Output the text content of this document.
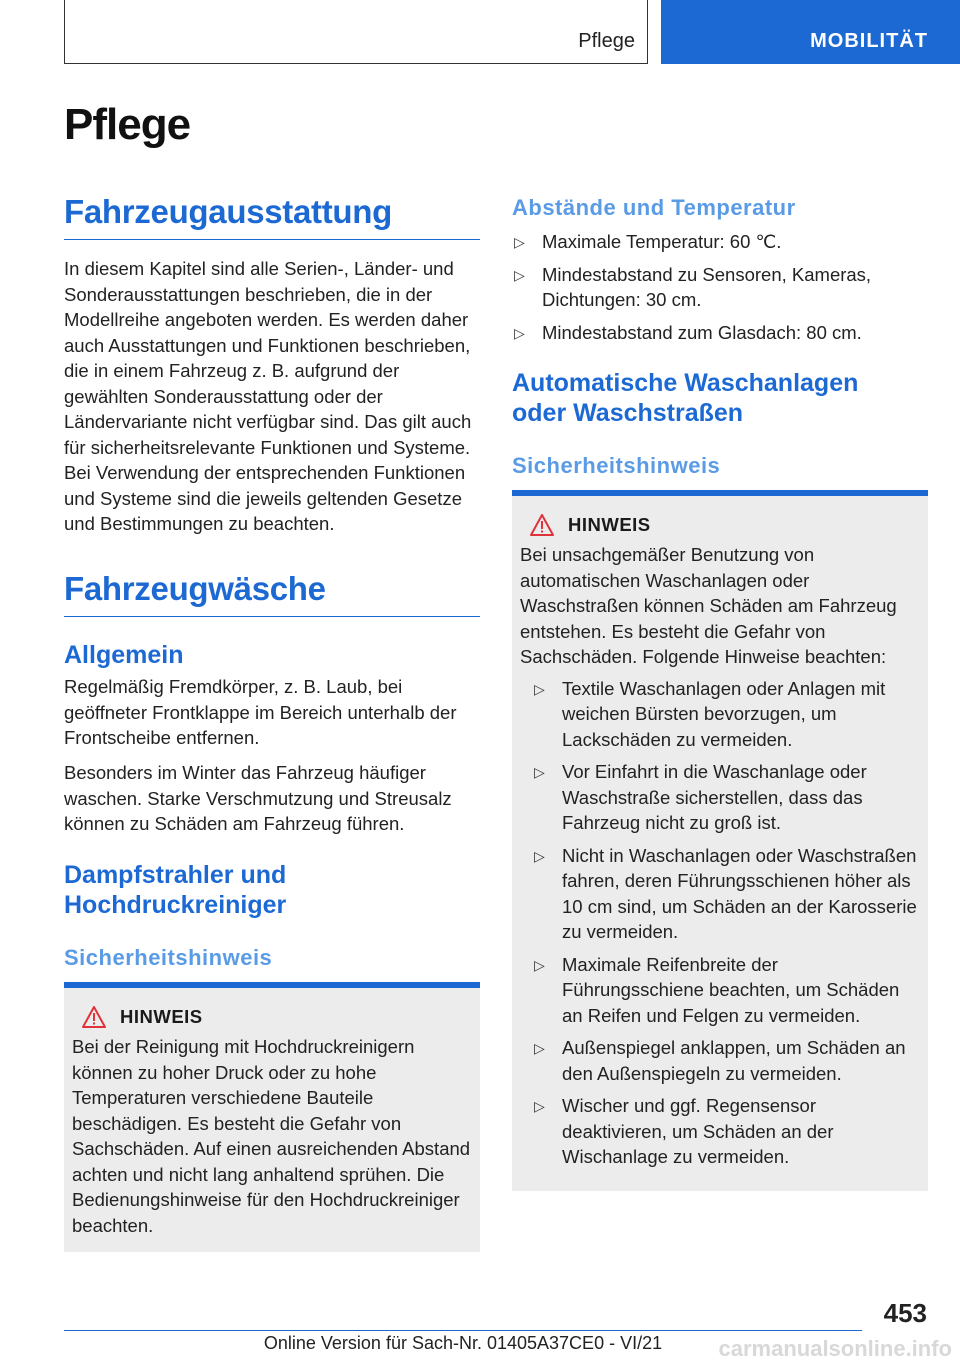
Pflege	MOBILITÄT
Pflege
Fahrzeugausstattung

In diesem Kapitel sind alle Serien-, Länder- und Sonderausstattungen beschrieben, die in der Modellreihe angeboten werden. Es werden daher auch Ausstattungen und Funktionen beschrieben, die in einem Fahrzeug z. B. aufgrund der gewählten Sonderausstattung oder der Ländervariante nicht verfügbar sind. Das gilt auch für sicherheitsrelevante Funktionen und Systeme. Bei Verwendung der entsprechenden Funktionen und Systeme sind die jeweils geltenden Gesetze und Bestimmungen zu beachten.

Fahrzeugwäsche
Allgemein

Regelmäßig Fremdkörper, z. B. Laub, bei geöffneter Frontklappe im Bereich unterhalb der Frontscheibe entfernen.

Besonders im Winter das Fahrzeug häufiger waschen. Starke Verschmutzung und Streusalz können zu Schäden am Fahrzeug führen.

Dampfstrahler und Hochdruckreiniger
Sicherheitshinweis
HINWEIS

Bei der Reinigung mit Hochdruckreinigern können zu hoher Druck oder zu hohe Temperaturen verschiedene Bauteile beschädigen. Es besteht die Gefahr von Sachschäden. Auf einen ausreichenden Abstand achten und nicht lang anhaltend sprühen. Die Bedienungshinweise für den Hochdruckreiniger beachten.

Abstände und Temperatur
▷ Maximale Temperatur: 60 ℃.
▷ Mindestabstand zu Sensoren, Kameras, Dichtungen: 30 cm.
▷ Mindestabstand zum Glasdach: 80 cm.
Automatische Waschanlagen oder Waschstraßen
Sicherheitshinweis
HINWEIS

Bei unsachgemäßer Benutzung von automatischen Waschanlagen oder Waschstraßen können Schäden am Fahrzeug entstehen. Es besteht die Gefahr von Sachschäden. Folgende Hinweise beachten:

▷ Textile Waschanlagen oder Anlagen mit weichen Bürsten bevorzugen, um Lackschäden zu vermeiden.
▷ Vor Einfahrt in die Waschanlage oder Waschstraße sicherstellen, dass das Fahrzeug nicht zu groß ist.
▷ Nicht in Waschanlagen oder Waschstraßen fahren, deren Führungsschienen höher als 10 cm sind, um Schäden an der Karosserie zu vermeiden.
▷ Maximale Reifenbreite der Führungsschiene beachten, um Schäden an Reifen und Felgen zu vermeiden.
▷ Außenspiegel anklappen, um Schäden an den Außenspiegeln zu vermeiden.
▷ Wischer und ggf. Regensensor deaktivieren, um Schäden an der Wischanlage zu vermeiden.
453
Online Version für Sach-Nr. 01405A37CE0 - VI/21	carmanualsonline.info
